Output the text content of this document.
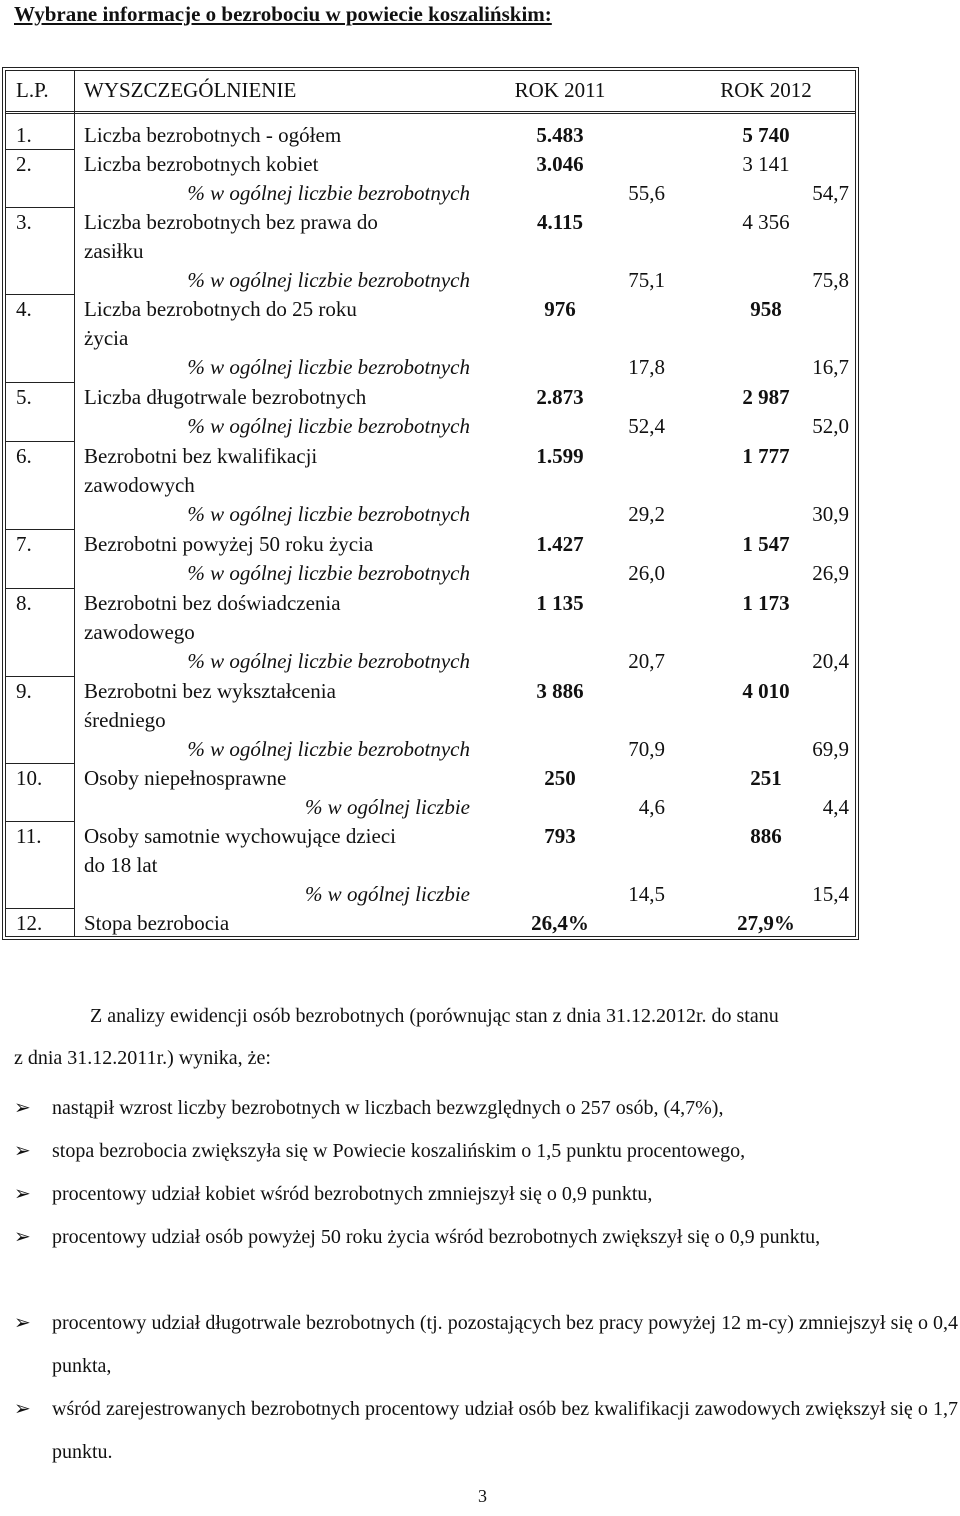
Wybrane informacje o bezrobociu w powiecie koszalińskim:
L.P. WYSZCZEGÓLNIENIE	ROK 2011	ROK 2012
1. Liczba bezrobotnych - ogółem	5.483	5 740
2. Liczba bezrobotnych kobiet	3.046	3 141
% w ogólnej liczbie bezrobotnych	55,6	54,7
3. Liczba bezrobotnych bez prawa do
zasiłku
4.115	4 356
% w ogólnej liczbie bezrobotnych	75,1	75,8
4. Liczba bezrobotnych do 25 roku
życia
976	958
% w ogólnej liczbie bezrobotnych	17,8	16,7
5. Liczba długotrwale bezrobotnych	2.873	2 987
% w ogólnej liczbie bezrobotnych	52,4	52,0
6. Bezrobotni bez kwalifikacji
zawodowych
1.599	1 777
% w ogólnej liczbie bezrobotnych	29,2	30,9
7. Bezrobotni powyżej 50 roku życia	1.427	1 547
% w ogólnej liczbie bezrobotnych	26,0	26,9
8. Bezrobotni bez doświadczenia
zawodowego
1 135	1 173
% w ogólnej liczbie bezrobotnych	20,7	20,4
9. Bezrobotni bez wykształcenia
średniego
3 886	4 010
% w ogólnej liczbie bezrobotnych	70,9	69,9
10. Osoby niepełnosprawne	250	251
% w ogólnej liczbie	4,6	4,4
11. Osoby samotnie wychowujące dzieci
do 18 lat
793	886
% w ogólnej liczbie	14,5	15,4
12. Stopa bezrobocia	26,4%	27,9%
Z analizy ewidencji osób bezrobotnych (porównując stan z dnia 31.12.2012r. do stanu
z dnia 31.12.2011r.) wynika, że:
➢ nastąpił wzrost liczby bezrobotnych w liczbach bezwzględnych o 257 osób, (4,7%),
➢ stopa bezrobocia zwiększyła się w Powiecie koszalińskim o 1,5 punktu procentowego,
➢ procentowy udział kobiet wśród bezrobotnych zmniejszył się o 0,9 punktu,
➢ procentowy udział osób powyżej 50 roku życia wśród bezrobotnych zwiększył się o 0,9 punktu,
➢ procentowy udział długotrwale bezrobotnych (tj. pozostających bez pracy powyżej 12 m-cy) zmniejszył się o 0,4 punkta,
➢ wśród zarejestrowanych bezrobotnych procentowy udział osób bez kwalifikacji zawodowych zwiększył się o 1,7 punktu.
3
